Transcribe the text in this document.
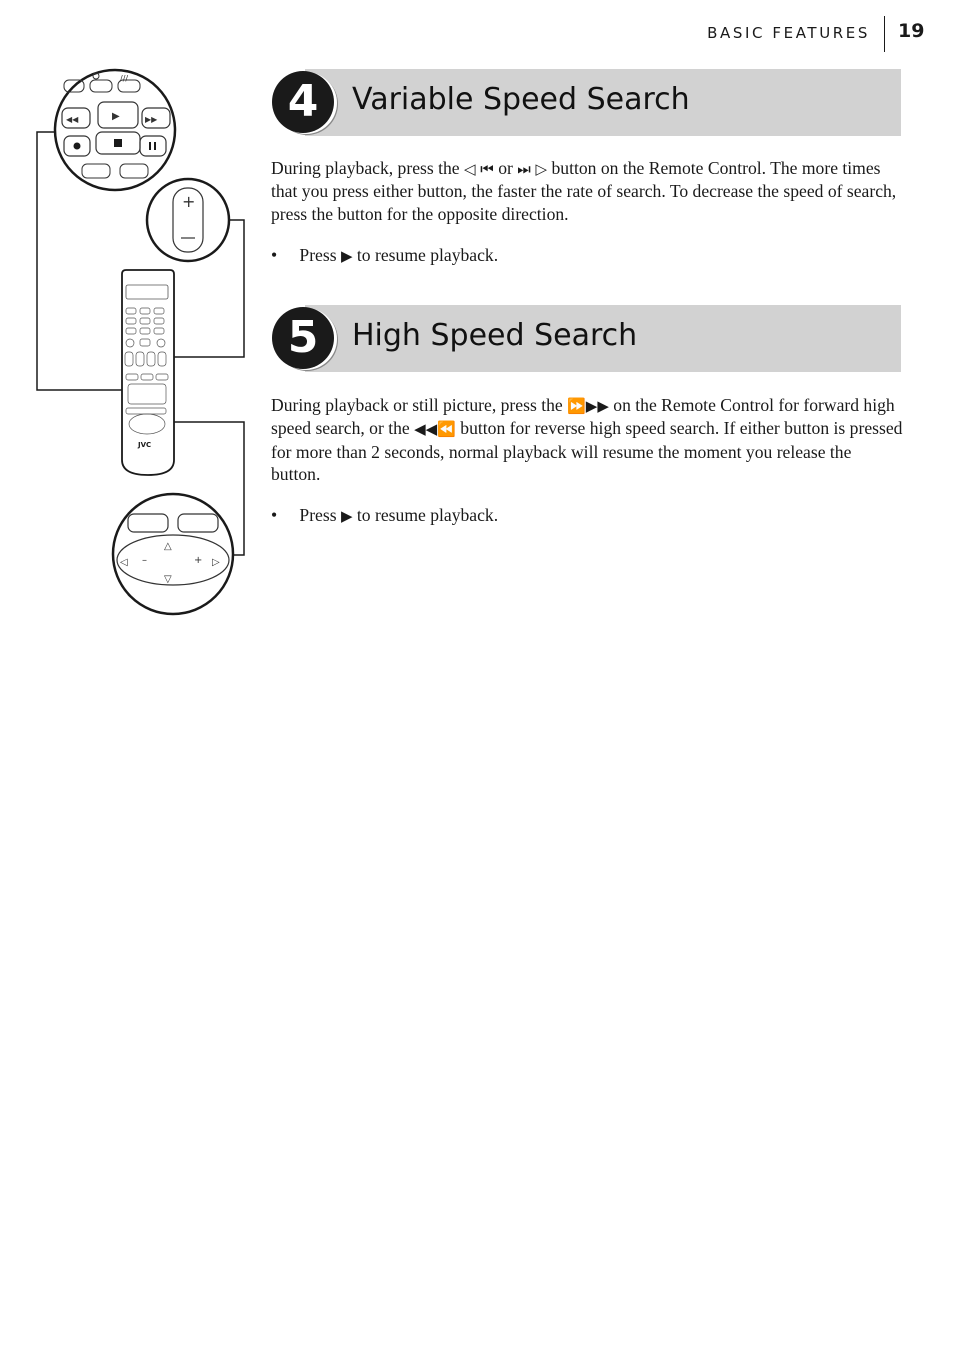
BASIC FEATURES 19
///
◀◀	▶	▶▶
+
JVC
△
▽
–	+
◁	▷
4	Variable Speed Search
During playback, press the ◁ ⏮ or ⏭ ▷ button on the Remote Control. The more times that you press either button, the faster the rate of search. To decrease the speed of search, press the button for the opposite direction.
• Press ▶ to resume playback.
5	High Speed Search
During playback or still picture, press the ⏩▶▶ on the Remote Control for forward high speed search, or the ◀◀⏪ button for reverse high speed search. If either button is pressed for more than 2 seconds, normal playback will resume the moment you release the button.
• Press ▶ to resume playback.
